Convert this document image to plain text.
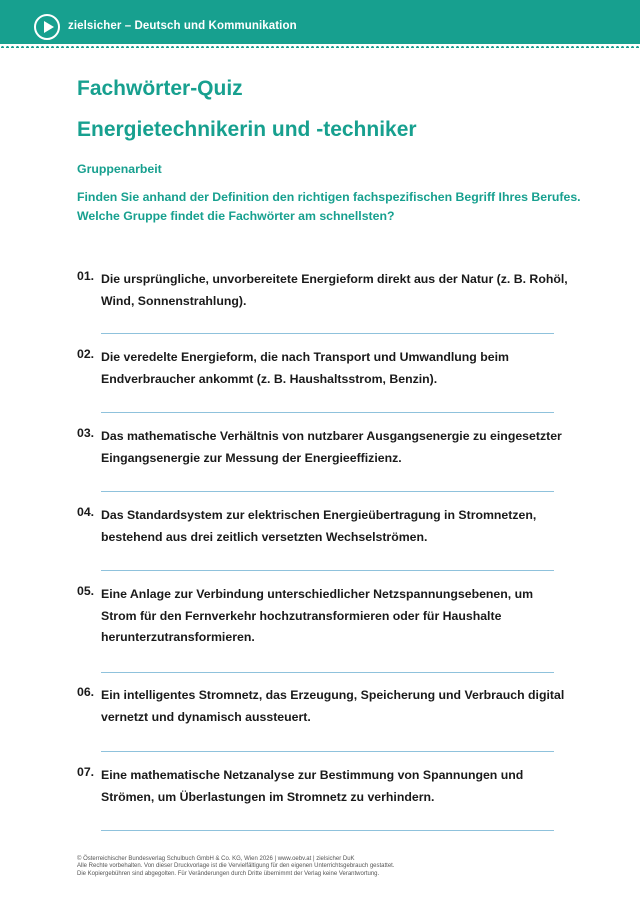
zielsicher – Deutsch und Kommunikation
Fachwörter-Quiz
Energietechnikerin und -techniker
Gruppenarbeit
Finden Sie anhand der Definition den richtigen fachspezifischen Begriff Ihres Berufes.
Welche Gruppe findet die Fachwörter am schnellsten?
01. Die ursprüngliche, unvorbereitete Energieform direkt aus der Natur (z. B. Rohöl, Wind, Sonnenstrahlung).
02. Die veredelte Energieform, die nach Transport und Umwandlung beim Endverbraucher ankommt (z. B. Haushaltsstrom, Benzin).
03. Das mathematische Verhältnis von nutzbarer Ausgangsenergie zu eingesetzter Eingangsenergie zur Messung der Energieeffizienz.
04. Das Standardsystem zur elektrischen Energieübertragung in Stromnetzen, bestehend aus drei zeitlich versetzten Wechselströmen.
05. Eine Anlage zur Verbindung unterschiedlicher Netzspannungsebenen, um Strom für den Fernverkehr hochzutransformieren oder für Haushalte herunterzutransformieren.
06. Ein intelligentes Stromnetz, das Erzeugung, Speicherung und Verbrauch digital vernetzt und dynamisch aussteuert.
07. Eine mathematische Netzanalyse zur Bestimmung von Spannungen und Strömen, um Überlastungen im Stromnetz zu verhindern.
© Österreichischer Bundesverlag Schulbuch GmbH & Co. KG, Wien 2026 | www.oebv.at | zielsicher DuK
Alle Rechte vorbehalten. Von dieser Druckvorlage ist die Vervielfältigung für den eigenen Unterrichtsgebrauch gestattet.
Die Kopiergebühren sind abgegolten. Für Veränderungen durch Dritte übernimmt der Verlag keine Verantwortung.
